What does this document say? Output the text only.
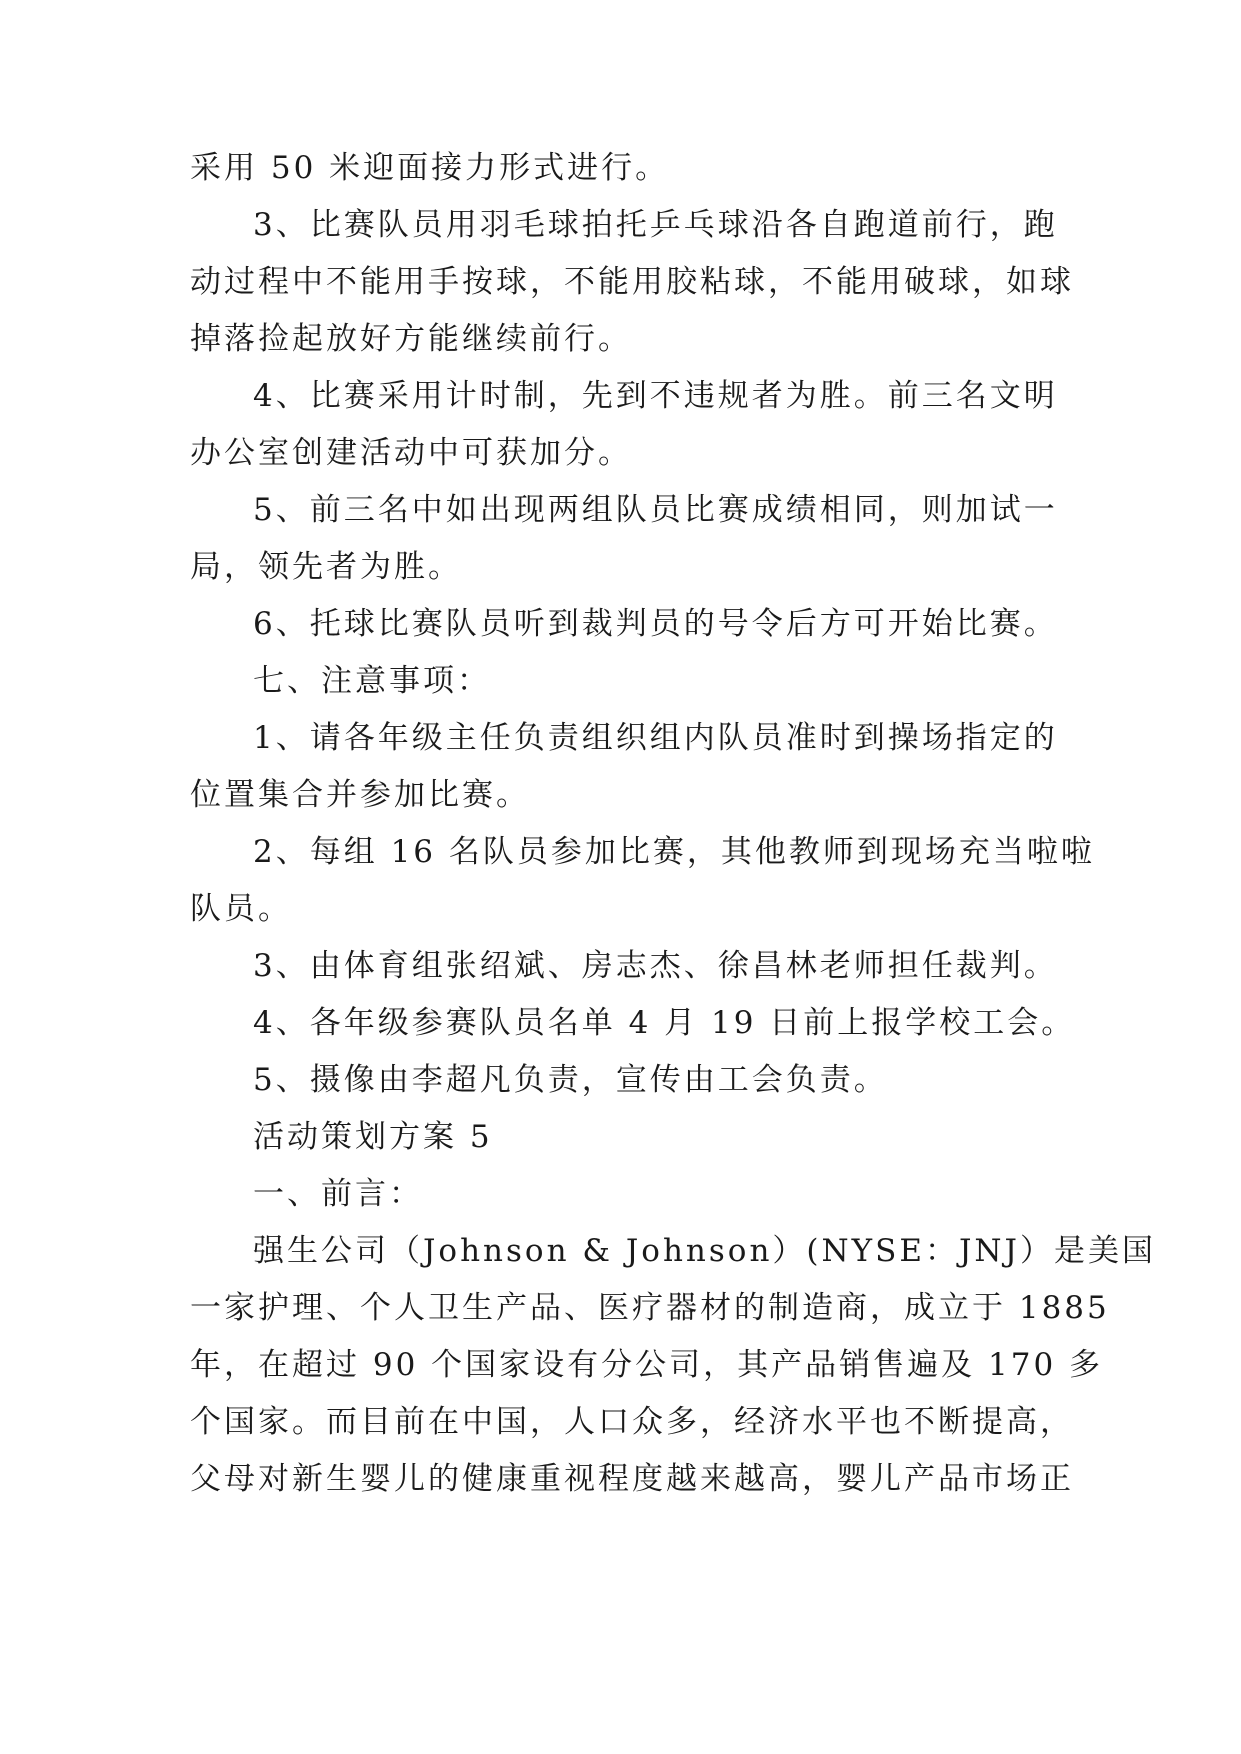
采用 50 米迎面接力形式进行。
3、比赛队员用羽毛球拍托乒乓球沿各自跑道前行，跑
动过程中不能用手按球，不能用胶粘球，不能用破球，如球
掉落捡起放好方能继续前行。
4、比赛采用计时制，先到不违规者为胜。前三名文明
办公室创建活动中可获加分。
5、前三名中如出现两组队员比赛成绩相同，则加试一
局，领先者为胜。
6、托球比赛队员听到裁判员的号令后方可开始比赛。
七、注意事项：
1、请各年级主任负责组织组内队员准时到操场指定的
位置集合并参加比赛。
2、每组 16 名队员参加比赛，其他教师到现场充当啦啦
队员。
3、由体育组张绍斌、房志杰、徐昌林老师担任裁判。
4、各年级参赛队员名单 4 月 19 日前上报学校工会。
5、摄像由李超凡负责，宣传由工会负责。
活动策划方案 5
一、前言：
强生公司（Johnson & Johnson）(NYSE：JNJ）是美国
一家护理、个人卫生产品、医疗器材的制造商，成立于 1885
年，在超过 90 个国家设有分公司，其产品销售遍及 170 多
个国家。而目前在中国，人口众多，经济水平也不断提高，
父母对新生婴儿的健康重视程度越来越高，婴儿产品市场正
